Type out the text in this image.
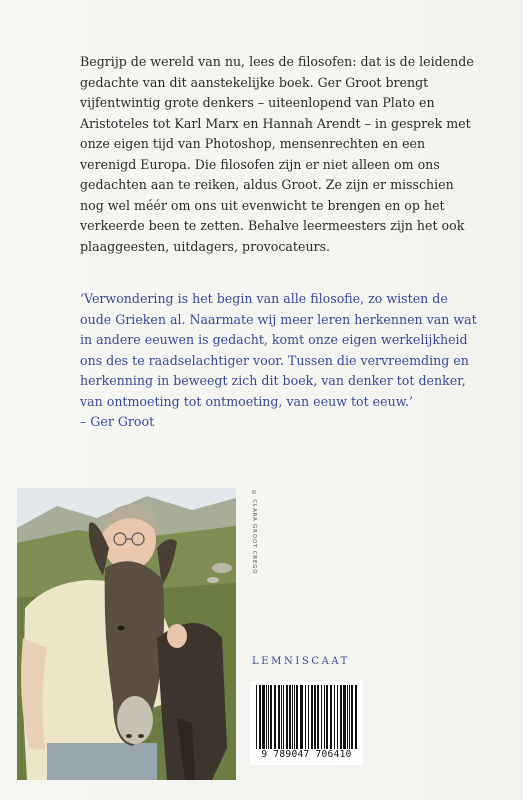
Begrijp de wereld van nu, lees de filosofen: dat is de leidende gedachte van dit aanstekelijke boek. Ger Groot brengt vijfentwintig grote denkers – uiteenlopend van Plato en Aristoteles tot Karl Marx en Hannah Arendt – in gesprek met onze eigen tijd van Photoshop, mensenrechten en een verenigd Europa. Die filosofen zijn er niet alleen om ons gedachten aan te reiken, aldus Groot. Ze zijn er misschien nog wel méér om ons uit evenwicht te brengen en op het verkeerde been te zetten. Behalve leermeesters zijn het ook plaaggeesten, uitdagers, provocateurs.

‘Verwondering is het begin van alle filosofie, zo wisten de oude Grieken al. Naarmate wij meer leren herkennen van wat in andere eeuwen is gedacht, komt onze eigen werkelijkheid ons des te raadselachtiger voor. Tussen die vervreemding en herkenning in beweegt zich dit boek, van denker tot denker, van ontmoeting tot ontmoeting, van eeuw tot eeuw.’
– Ger Groot

© CLARA GROOT CREGO
LEMNISCAAT
9 789047 706410
